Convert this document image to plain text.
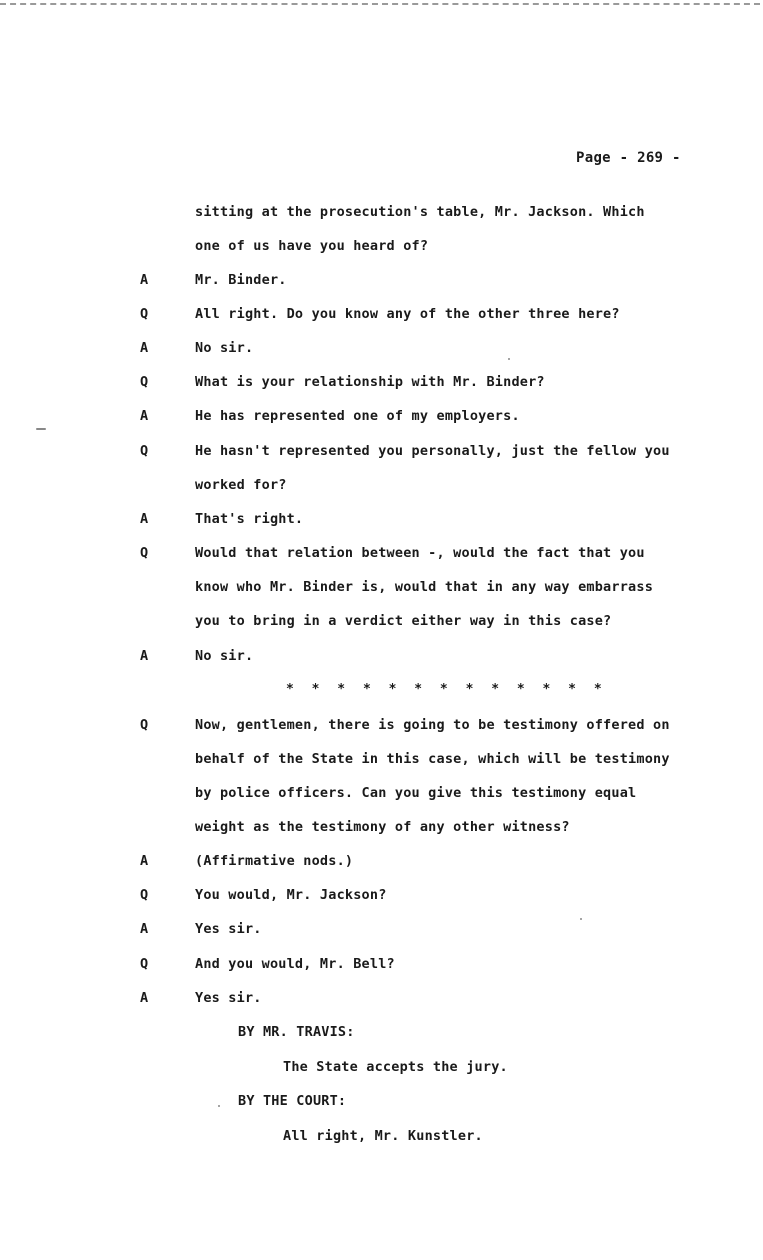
Page - 269 -
sitting at the prosecution's table, Mr. Jackson. Which
one of us have you heard of?
A	Mr. Binder.
Q	All right. Do you know any of the other three here?
A	No sir.
Q	What is your relationship with Mr. Binder?
A	He has represented one of my employers.
Q	He hasn't represented you personally, just the fellow you
worked for?
A	That's right.
Q	Would that relation between -, would the fact that you
know who Mr. Binder is, would that in any way embarrass
you to bring in a verdict either way in this case?
A	No sir.
* * * * * * * * * * * * *
Q	Now, gentlemen, there is going to be testimony offered on
behalf of the State in this case, which will be testimony
by police officers. Can you give this testimony equal
weight as the testimony of any other witness?
A	(Affirmative nods.)
Q	You would, Mr. Jackson?
A	Yes sir.
Q	And you would, Mr. Bell?
A	Yes sir.
BY MR. TRAVIS:
The State accepts the jury.
BY THE COURT:
All right, Mr. Kunstler.
